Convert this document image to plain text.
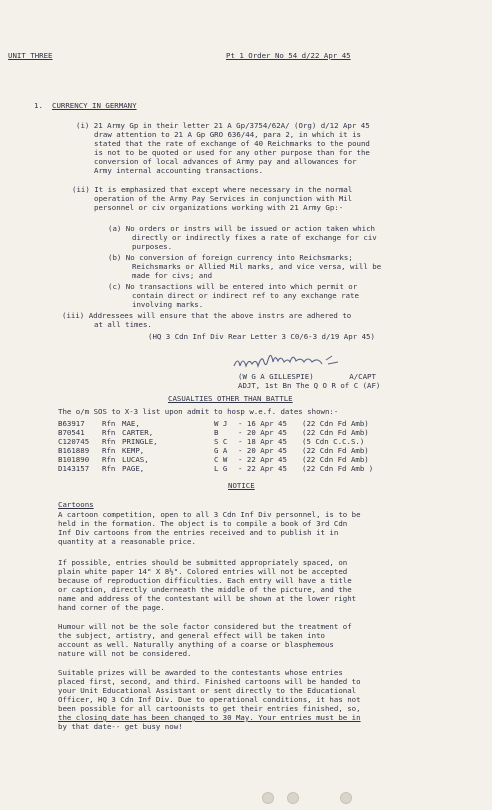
UNIT THREE	Pt 1 Order No 54 d/22 Apr 45
1. CURRENCY IN GERMANY
(i) 21 Army Gp in their letter 21 A Gp/3754/62A/ (Org) d/12 Apr 45
draw attention to 21 A Gp GRO 636/44, para 2, in which it is
stated that the rate of exchange of 40 Reichmarks to the pound
is not to be quoted or used for any other purpose than for the
conversion of local advances of Army pay and allowances for
Army internal accounting transactions.
(ii) It is emphasized that except where necessary in the normal
operation of the Army Pay Services in conjunction with Mil
personnel or civ organizations working with 21 Army Gp:-
(a) No orders or instrs will be issued or action taken which
directly or indirectly fixes a rate of exchange for civ
purposes.
(b) No conversion of foreign currency into Reichsmarks;
Reichsmarks or Allied Mil marks, and vice versa, will be
made for civs; and
(c) No transactions will be entered into which permit or
contain direct or indirect ref to any exchange rate
involving marks.
(iii) Addressees will ensure that the above instrs are adhered to
at all times.
(HQ 3 Cdn Inf Div Rear Letter 3 C0/6-3 d/19 Apr 45)
(W G A GILLESPIE)        A/CAPT
ADJT, 1st Bn The Q O R of C (AF)
CASUALTIES OTHER THAN BATTLE
The o/m SOS to X-3 list upon admit to hosp w.e.f. dates shown:-
B63917 Rfn MAE,	W J - 16 Apr 45 (22 Cdn Fd Amb)
B70541 Rfn CARTER,	B	- 20 Apr 45 (22 Cdn Fd Amb)
C120745 Rfn PRINGLE,	S C - 18 Apr 45 (5 Cdn C.C.S.)
B161889 Rfn KEMP,	G A - 20 Apr 45 (22 Cdn Fd Amb)
B101890 Rfn LUCAS,	C W - 22 Apr 45 (22 Cdn Fd Amb)
D143157 Rfn PAGE,	L G - 22 Apr 45 (22 Cdn Fd Amb )
NOTICE
Cartoons
A cartoon competition, open to all 3 Cdn Inf Div personnel, is to be
held in the formation. The object is to compile a book of 3rd Cdn
Inf Div cartoons from the entries received and to publish it in
quantity at a reasonable price.
If possible, entries should be submitted appropriately spaced, on
plain white paper 14" X 8½". Colored entries will not be accepted
because of reproduction difficulties. Each entry will have a title
or caption, directly underneath the middle of the picture, and the
name and address of the contestant will be shown at the lower right
hand corner of the page.
Humour will not be the sole factor considered but the treatment of
the subject, artistry, and general effect will be taken into
account as well. Naturally anything of a coarse or blasphemous
nature will not be considered.
Suitable prizes will be awarded to the contestants whose entries
placed first, second, and third. Finished cartoons will be handed to
your Unit Educational Assistant or sent directly to the Educational
Officer, HQ 3 Cdn Inf Div. Due to operational conditions, it has not
been possible for all cartoonists to get their entries finished, so,
the closing date has been changed to 30 May. Your entries must be in
by that date-- get busy now!
